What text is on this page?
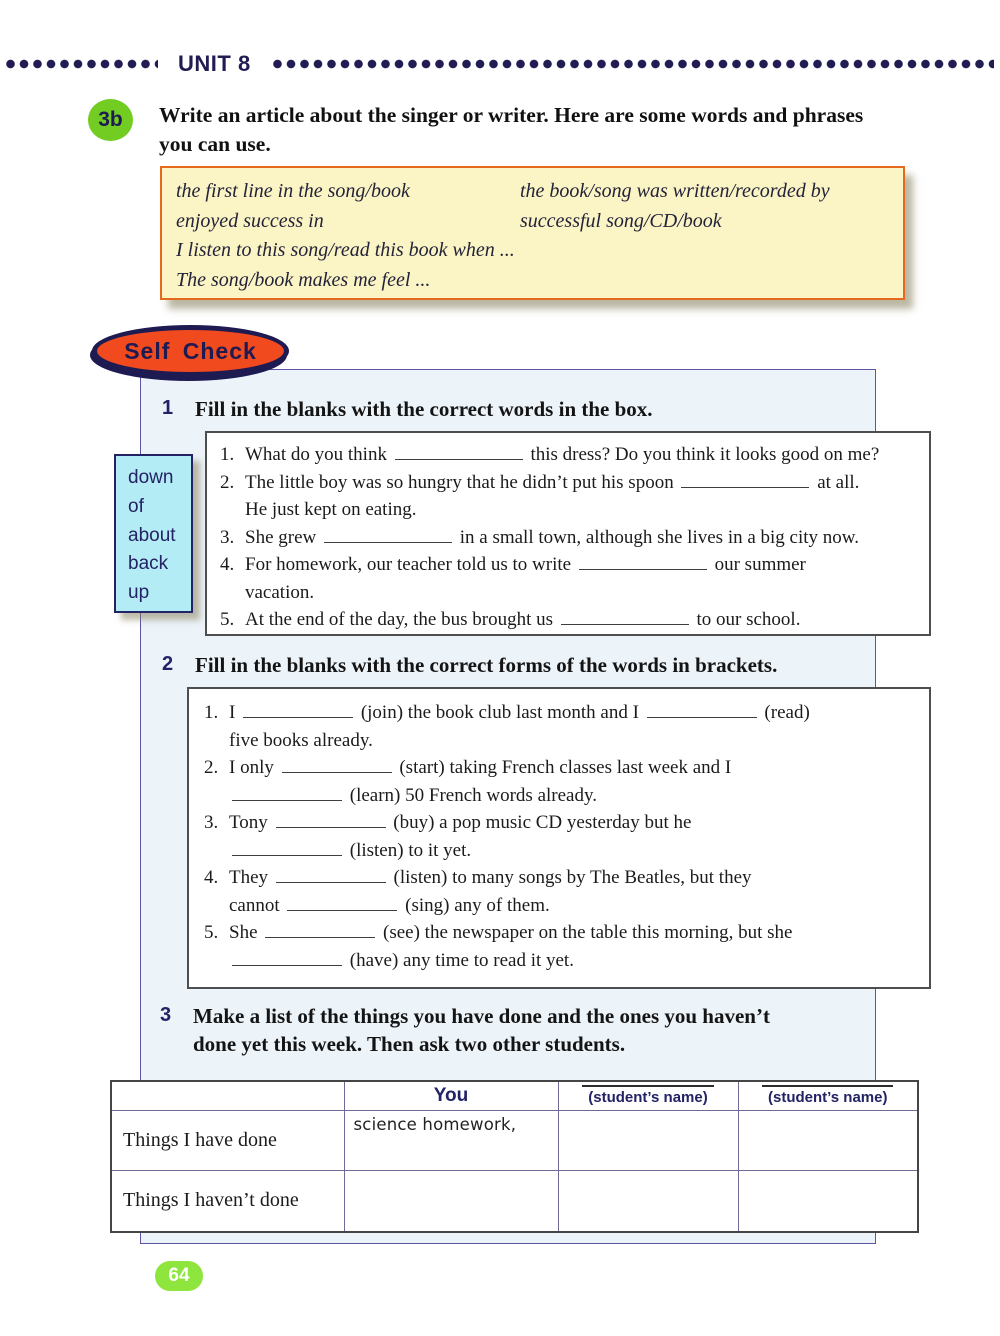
UNIT 8
3b Write an article about the singer or writer. Here are some words and phrases you can use.
the first line in the song/book	the book/song was written/recorded by
enjoyed success in	successful song/CD/book
I listen to this song/read this book when ...
The song/book makes me feel ...
Self Check
1	Fill in the blanks with the correct words in the box.
1. What do you think	this dress? Do you think it looks good on me?
2. The little boy was so hungry that he didn’t put his spoon	at all.
He just kept on eating.
3. She grew	in a small town, although she lives in a big city now.
4. For homework, our teacher told us to write	our summer
vacation.
5. At the end of the day, the bus brought us	to our school.
down
of
about
back
up
2	Fill in the blanks with the correct forms of the words in brackets.
1. I	(join) the book club last month and I	(read)
five books already.
2. I only	(start) taking French classes last week and I
(learn) 50 French words already.
3. Tony	(buy) a pop music CD yesterday but he
(listen) to it yet.
4. They	(listen) to many songs by The Beatles, but they
cannot	(sing) any of them.
5. She	(see) the newspaper on the table this morning, but she
(have) any time to read it yet.
3	Make a list of the things you have done and the ones you haven’t
done yet this week. Then ask two other students.
	You	(student’s name)	(student’s name)
Things I have done	science homework,		
Things I haven’t done			
64
